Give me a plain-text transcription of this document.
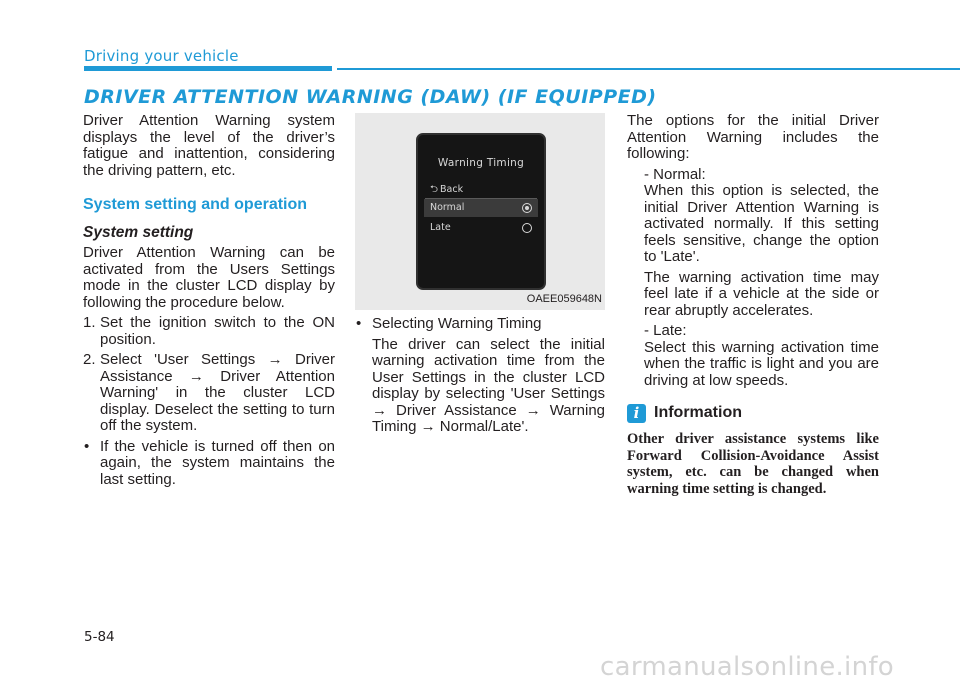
Driving your vehicle
DRIVER ATTENTION WARNING (DAW) (IF EQUIPPED)

Driver Attention Warning system displays the level of the driver’s fatigue and inattention, considering the driving pattern, etc.

System setting and operation
System setting

Driver Attention Warning can be activated from the Users Settings mode in the cluster LCD display by following the procedure below.

1. Set the ignition switch to the ON position.
2. Select 'User Settings → Driver Assistance → Driver Attention Warning' in the cluster LCD display. Deselect the setting to turn off the system.
• If the vehicle is turned off then on again, the system maintains the last setting.
Warning Timing
⮌ Back
Normal
Late
OAEE059648N
• Selecting Warning Timing

The driver can select the initial warning activation time from the User Settings in the cluster LCD display by selecting 'User Settings → Driver Assistance → Warning Timing → Normal/Late'.

The options for the initial Driver Attention Warning includes the following:

- Normal:

When this option is selected, the initial Driver Attention Warning is activated normally. If this setting feels sensitive, change the option to 'Late'.

The warning activation time may feel late if a vehicle at the side or rear abruptly accelerates.

- Late:

Select this warning activation time when the traffic is light and you are driving at low speeds.

i Information

Other driver assistance systems like Forward Collision-Avoidance Assist system, etc. can be changed when warning time setting is changed.

5-84
carmanualsonline.info
